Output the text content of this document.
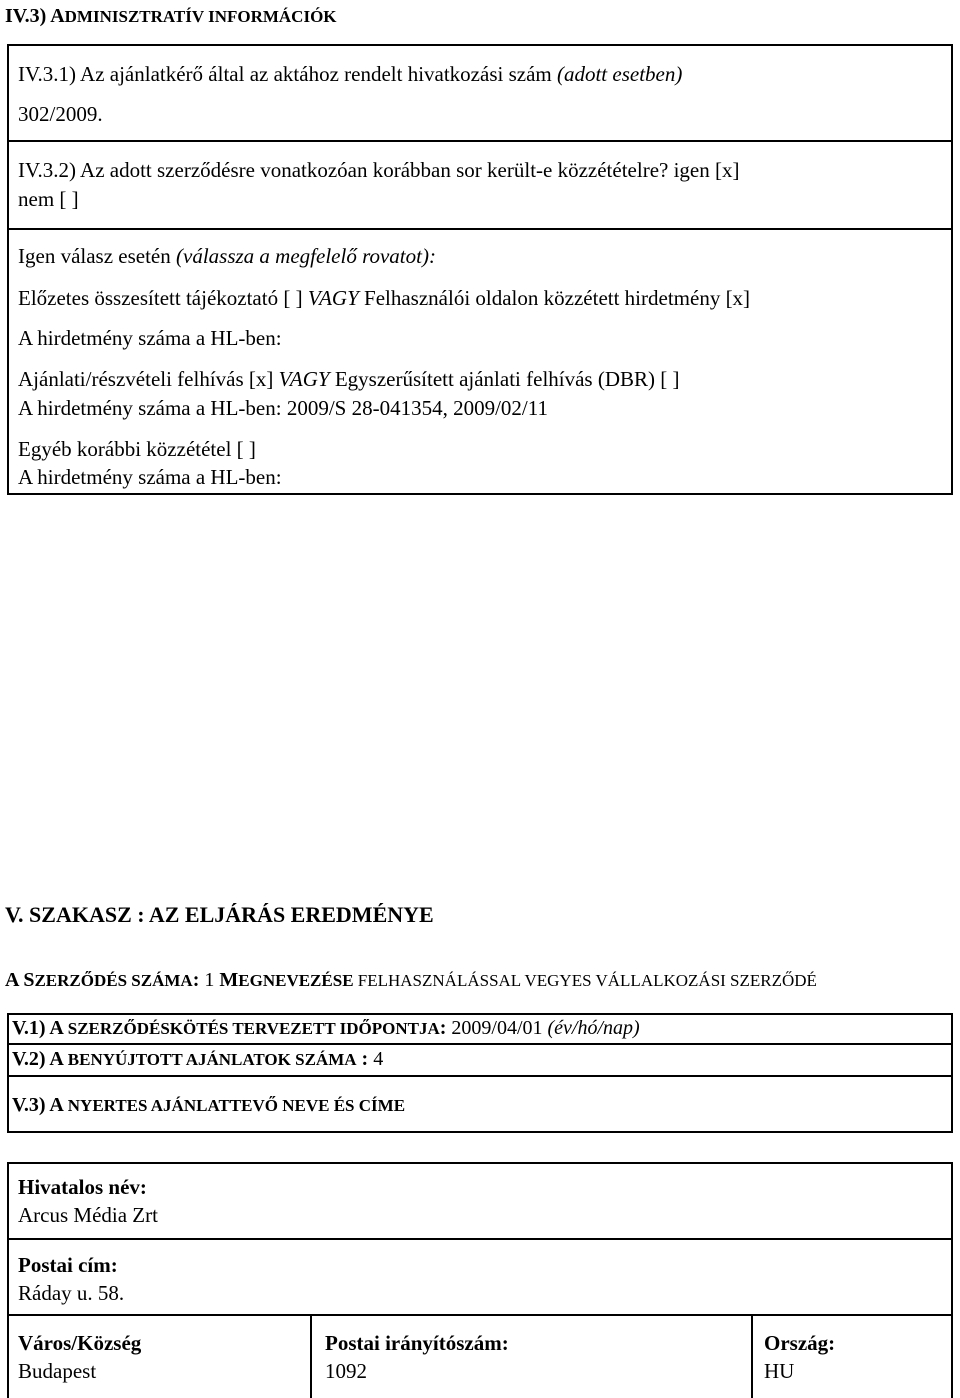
IV.3) ADMINISZTRATÍV INFORMÁCIÓK
IV.3.1) Az ajánlatkérő által az aktához rendelt hivatkozási szám (adott esetben)
302/2009.
IV.3.2) Az adott szerződésre vonatkozóan korábban sor került-e közzétételre? igen [x]
nem [ ]
Igen válasz esetén (válassza a megfelelő rovatot):
Előzetes összesített tájékoztató [ ] VAGY Felhasználói oldalon közzétett hirdetmény [x]
A hirdetmény száma a HL-ben:
Ajánlati/részvételi felhívás [x] VAGY Egyszerűsített ajánlati felhívás (DBR) [ ]
A hirdetmény száma a HL-ben: 2009/S 28-041354, 2009/02/11
Egyéb korábbi közzététel [ ]
A hirdetmény száma a HL-ben:
V. SZAKASZ : AZ ELJÁRÁS EREDMÉNYE
A SZERZŐDÉS SZÁMA: 1 MEGNEVEZÉSE FELHASZNÁLÁSSAL VEGYES VÁLLALKOZÁSI SZERZŐDÉ
V.1) A SZERZŐDÉSKÖTÉS TERVEZETT IDŐPONTJA: 2009/04/01 (év/hó/nap)
V.2) A BENYÚJTOTT AJÁNLATOK SZÁMA : 4
V.3) A NYERTES AJÁNLATTEVŐ NEVE ÉS CÍME
Hivatalos név:
Arcus Média Zrt
Postai cím:
Ráday u. 58.
Város/Község
Budapest
Postai irányítószám:
1092
Ország:
HU
